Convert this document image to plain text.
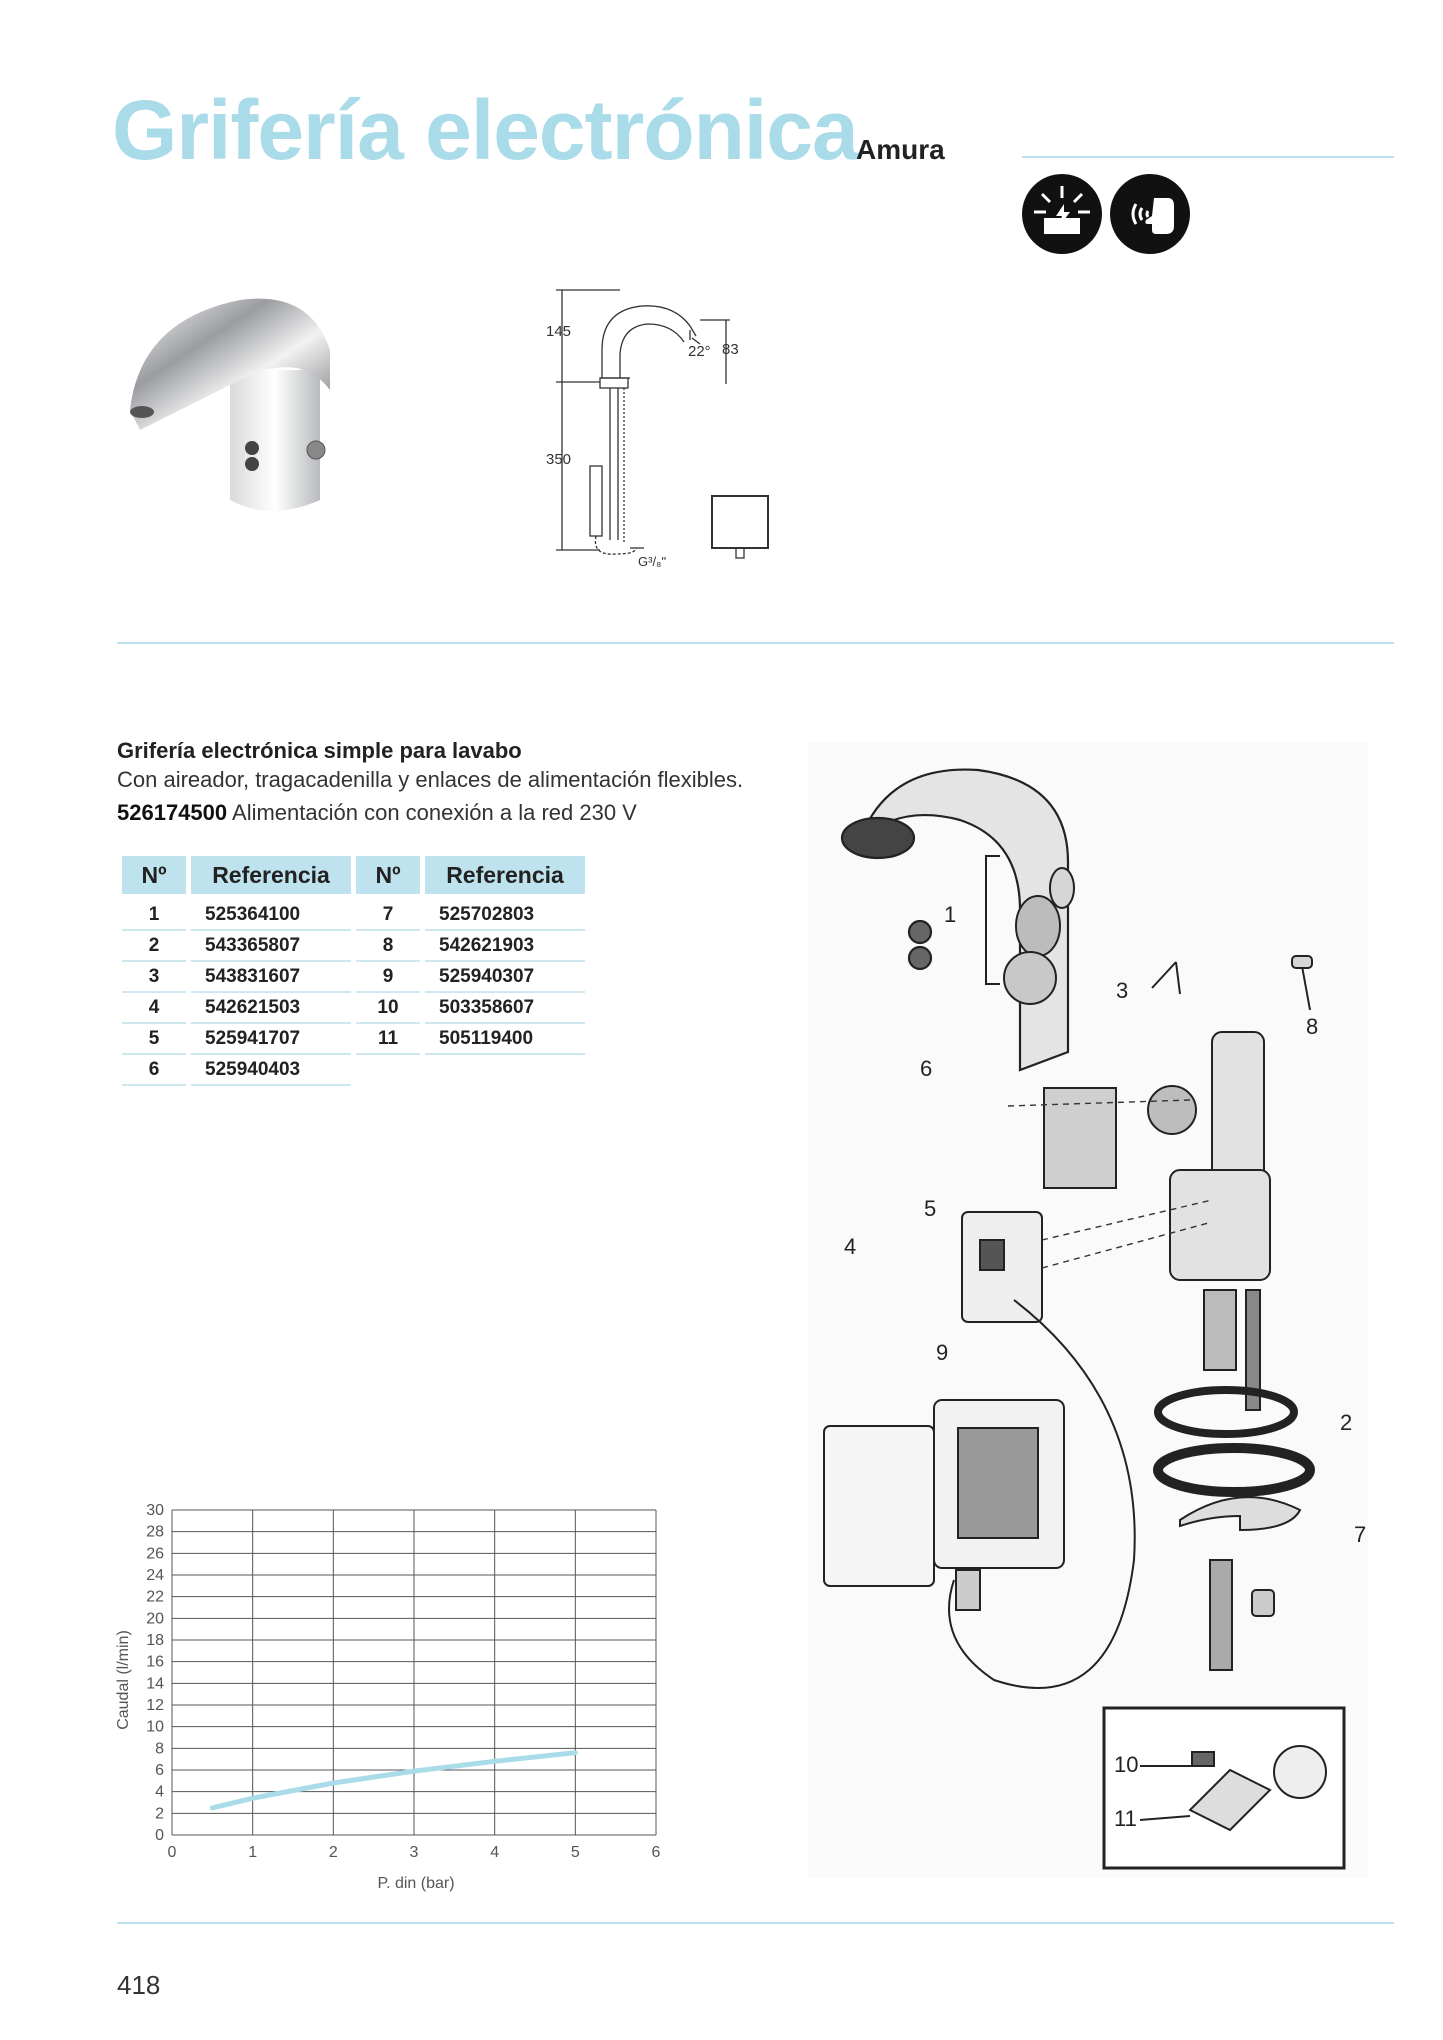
Grifería electrónica
Amura
145
350
22° 83
G³/₈"
Grifería electrónica simple para lavabo
Con aireador, tragacadenilla y enlaces de alimentación flexibles.
526174500 Alimentación con conexión a la red 230 V
Nº	Referencia	Nº	Referencia
1	525364100	7	525702803
2	543365807	8	542621903
3	543831607	9	525940307
4	542621503	10	503358607
5	525941707	11	505119400
6	525940403		
1
2
3
4
5
6
7
8
9
10
11
0
2
4
6
8
10
12
14
16
18
20
22
24
26
28
30
0	1	2	3	4	5	6
P. din (bar)
Caudal (l/min)
418
